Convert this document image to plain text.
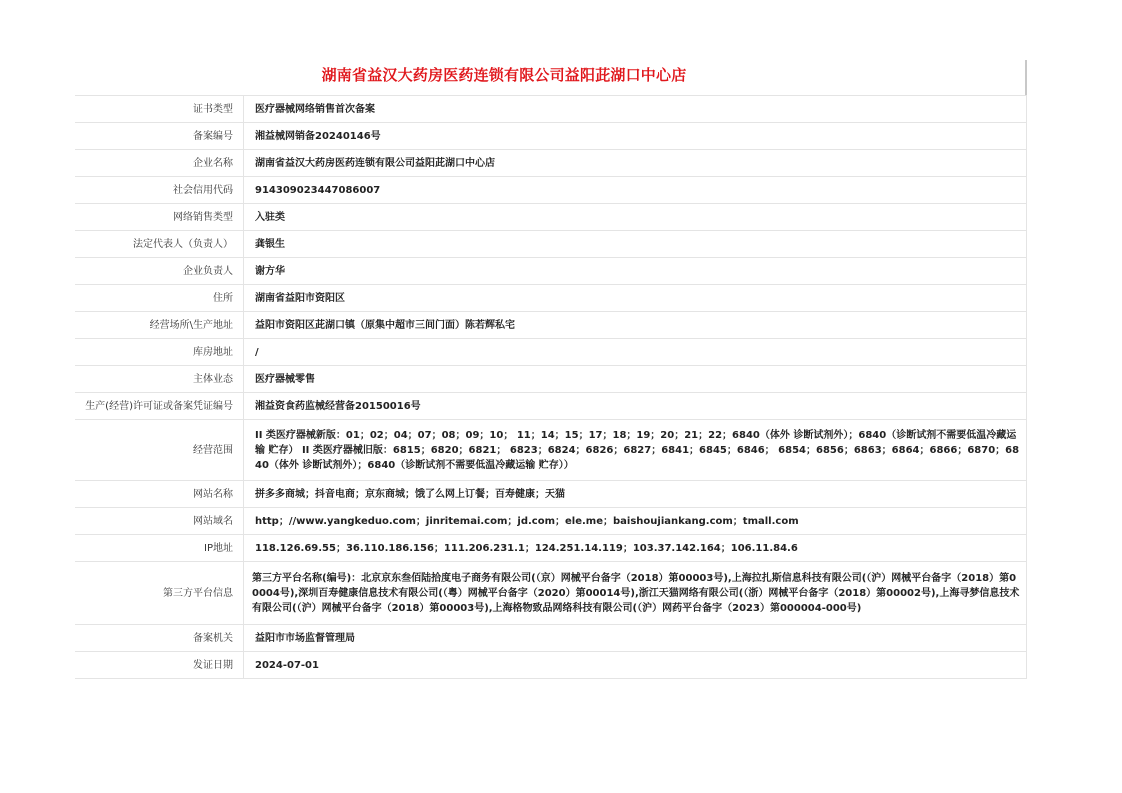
湖南省益汉大药房医药连锁有限公司益阳茈湖口中心店
证书类型	医疗器械网络销售首次备案
备案编号	湘益械网销备20240146号
企业名称	湖南省益汉大药房医药连锁有限公司益阳茈湖口中心店
社会信用代码	914309023447086007
网络销售类型	入驻类
法定代表人（负责人）	龚银生
企业负责人	谢方华
住所	湖南省益阳市资阳区
经营场所\生产地址	益阳市资阳区茈湖口镇（原集中超市三间门面）陈若辉私宅
库房地址	/
主体业态	医疗器械零售
生产(经营)许可证或备案凭证编号	湘益资食药监械经营备20150016号
经营范围	II 类医疗器械新版：01；02；04；07；08；09；10； 11；14；15；17；18；19；20；21；22；6840（体外 诊断试剂外）；6840（诊断试剂不需要低温冷藏运输 贮存） II 类医疗器械旧版：6815；6820；6821； 6823；6824；6826；6827；6841；6845；6846； 6854；6856；6863；6864；6866；6870；6840（体外 诊断试剂外）；6840（诊断试剂不需要低温冷藏运输 贮存））
网站名称	拼多多商城；抖音电商；京东商城；饿了么网上订餐；百寿健康；天猫
网站域名	http；//www.yangkeduo.com；jinritemai.com；jd.com；ele.me；baishoujiankang.com；tmall.com
IP地址	118.126.69.55；36.110.186.156；111.206.231.1；124.251.14.119；103.37.142.164；106.11.84.6
第三方平台信息	第三方平台名称(编号)：北京京东叁佰陆拾度电子商务有限公司(（京）网械平台备字（2018）第00003号),上海拉扎斯信息科技有限公司(（沪）网械平台备字（2018）第00004号),深圳百寿健康信息技术有限公司(（粤）网械平台备字（2020）第00014号),浙江天猫网络有限公司(（浙）网械平台备字（2018）第00002号),上海寻梦信息技术有限公司(（沪）网械平台备字（2018）第00003号),上海格物致品网络科技有限公司(（沪）网药平台备字（2023）第000004-000号)
备案机关	益阳市市场监督管理局
发证日期	2024-07-01
